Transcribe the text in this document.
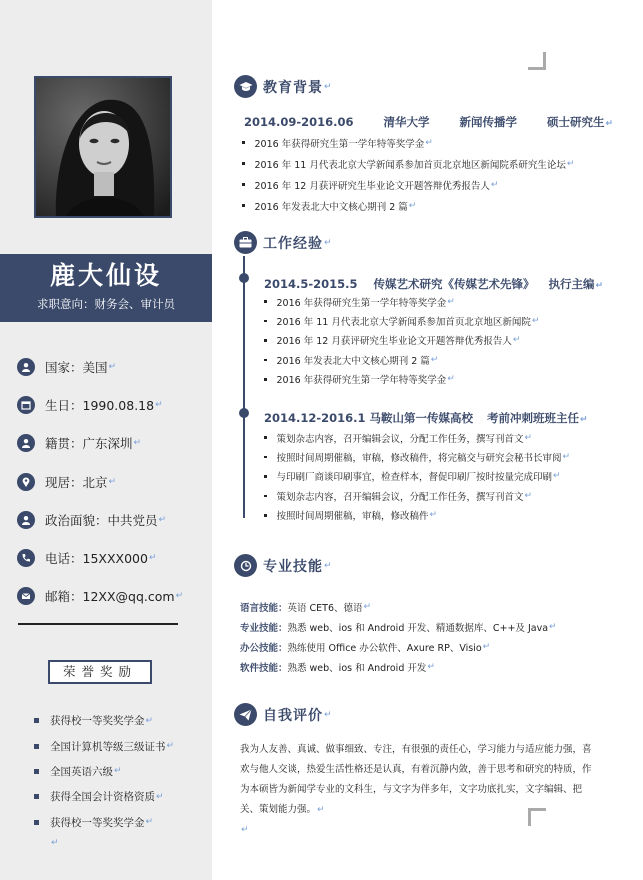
鹿大仙设
求职意向：财务会、审计员
国家：美国 ↵
生日：1990.08.18 ↵
籍贯：广东深圳 ↵
现居：北京 ↵
政治面貌：中共党员 ↵
电话：15XXX000 ↵
邮箱：12XX@qq.com ↵
荣誉奖励
获得校一等奖奖学金 ↵
全国计算机等级三级证书 ↵
全国英语六级 ↵
获得全国会计资格资质 ↵
获得校一等奖奖学金 ↵
↵
教育背景 ↵
2014.09-2016.06	清华大学	新闻传播学	硕士研究生↵
2016 年获得研究生第一学年特等奖学金 ↵
2016 年 11 月代表北京大学新闻系参加首页北京地区新闻院系研究生论坛 ↵
2016 年 12 月获评研究生毕业论文开题答辩优秀报告人 ↵
2016 年发表北大中文核心期刊 2 篇 ↵
工作经验 ↵
2014.5-2015.5 传媒艺术研究《传媒艺术先锋》 执行主编↵
2016 年获得研究生第一学年特等奖学金 ↵
2016 年 11 月代表北京大学新闻系参加首页北京地区新闻院 ↵
2016 年 12 月获评研究生毕业论文开题答辩优秀报告人 ↵
2016 年发表北大中文核心期刊 2 篇 ↵
2016 年获得研究生第一学年特等奖学金 ↵
2014.12-2016.1 马鞍山第一传媒高校 考前冲刺班班主任↵
策划杂志内容，召开编辑会议，分配工作任务，撰写刊首文 ↵
按照时间周期催稿，审稿，修改稿件，将完稿交与研究会秘书长审阅 ↵
与印刷厂商谈印刷事宜，检查样本，督促印刷厂按时按量完成印刷 ↵
策划杂志内容，召开编辑会议，分配工作任务，撰写刊首文 ↵
按照时间周期催稿，审稿，修改稿件 ↵
专业技能 ↵
语言技能： 英语 CET6、德语 ↵
专业技能： 熟悉 web、ios 和 Android 开发、精通数据库、C++及 Java ↵
办公技能： 熟练使用 Office 办公软件、Axure RP、Visio ↵
软件技能： 熟悉 web、ios 和 Android 开发 ↵
自我评价 ↵
我为人友善、真诚、做事细致、专注，有很强的责任心，学习能力与适应能力强，喜欢与他人交谈，热爱生活性格还是认真，有着沉静内敛，善于思考和研究的特质，作为本硕皆为新闻学专业的文科生，与文字为伴多年，文字功底扎实，文字编辑、把关、策划能力强。↵
↵
